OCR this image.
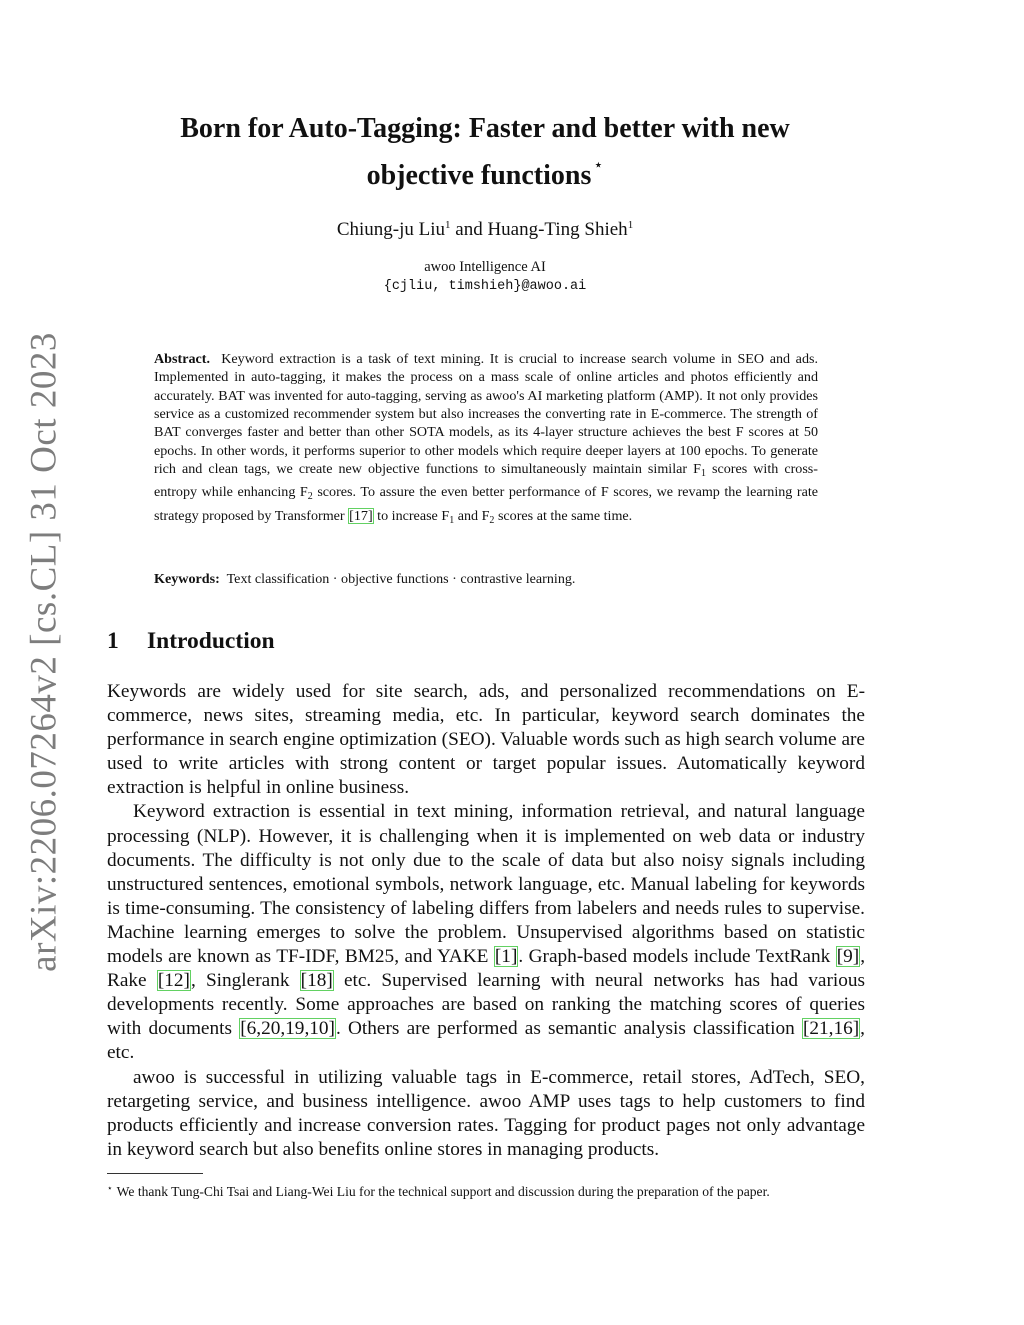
arXiv:2206.07264v2 [cs.CL] 31 Oct 2023
Born for Auto-Tagging: Faster and better with new
objective functions ⋆
Chiung-ju Liu$^1$ and Huang-Ting Shieh$^1$
awoo Intelligence AI
{cjliu, timshieh}@awoo.ai
Abstract. Keyword extraction is a task of text mining. It is crucial to increase search volume in SEO and ads. Implemented in auto-tagging, it makes the process on a mass scale of online articles and photos efficiently and accurately. BAT was invented for auto-tagging, serving as awoo's AI marketing platform (AMP). It not only provides service as a customized recommender system but also increases the converting rate in E-commerce. The strength of BAT converges faster and better than other SOTA models, as its 4-layer structure achieves the best F scores at 50 epochs. In other words, it performs superior to other models which require deeper layers at 100 epochs. To generate rich and clean tags, we create new objective functions to simultaneously maintain similar $F_1$ scores with cross-entropy while enhancing $F_2$ scores. To assure the even better performance of F scores, we revamp the learning rate strategy proposed by Transformer [17] to increase $F_1$ and $F_2$ scores at the same time.
Keywords: Text classification · objective functions · contrastive learning.
1 Introduction

Keywords are widely used for site search, ads, and personalized recommendations on E-commerce, news sites, streaming media, etc. In particular, keyword search dominates the performance in search engine optimization (SEO). Valuable words such as high search volume are used to write articles with strong content or target popular issues. Automatically keyword extraction is helpful in online business.

Keyword extraction is essential in text mining, information retrieval, and natural language processing (NLP). However, it is challenging when it is implemented on web data or industry documents. The difficulty is not only due to the scale of data but also noisy signals including unstructured sentences, emotional symbols, network language, etc. Manual labeling for keywords is time-consuming. The consistency of labeling differs from labelers and needs rules to supervise. Machine learning emerges to solve the problem. Unsupervised algorithms based on statistic models are known as TF-IDF, BM25, and YAKE [1]. Graph-based models include TextRank [9], Rake [12], Singlerank [18] etc. Supervised learning with neural networks has had various developments recently. Some approaches are based on ranking the matching scores of queries with documents [6,20,19,10]. Others are performed as semantic analysis classification [21,16], etc.

awoo is successful in utilizing valuable tags in E-commerce, retail stores, AdTech, SEO, retargeting service, and business intelligence. awoo AMP uses tags to help customers to find products efficiently and increase conversion rates. Tagging for product pages not only advantage in keyword search but also benefits online stores in managing products.

⋆ We thank Tung-Chi Tsai and Liang-Wei Liu for the technical support and discussion during the preparation of the paper.
